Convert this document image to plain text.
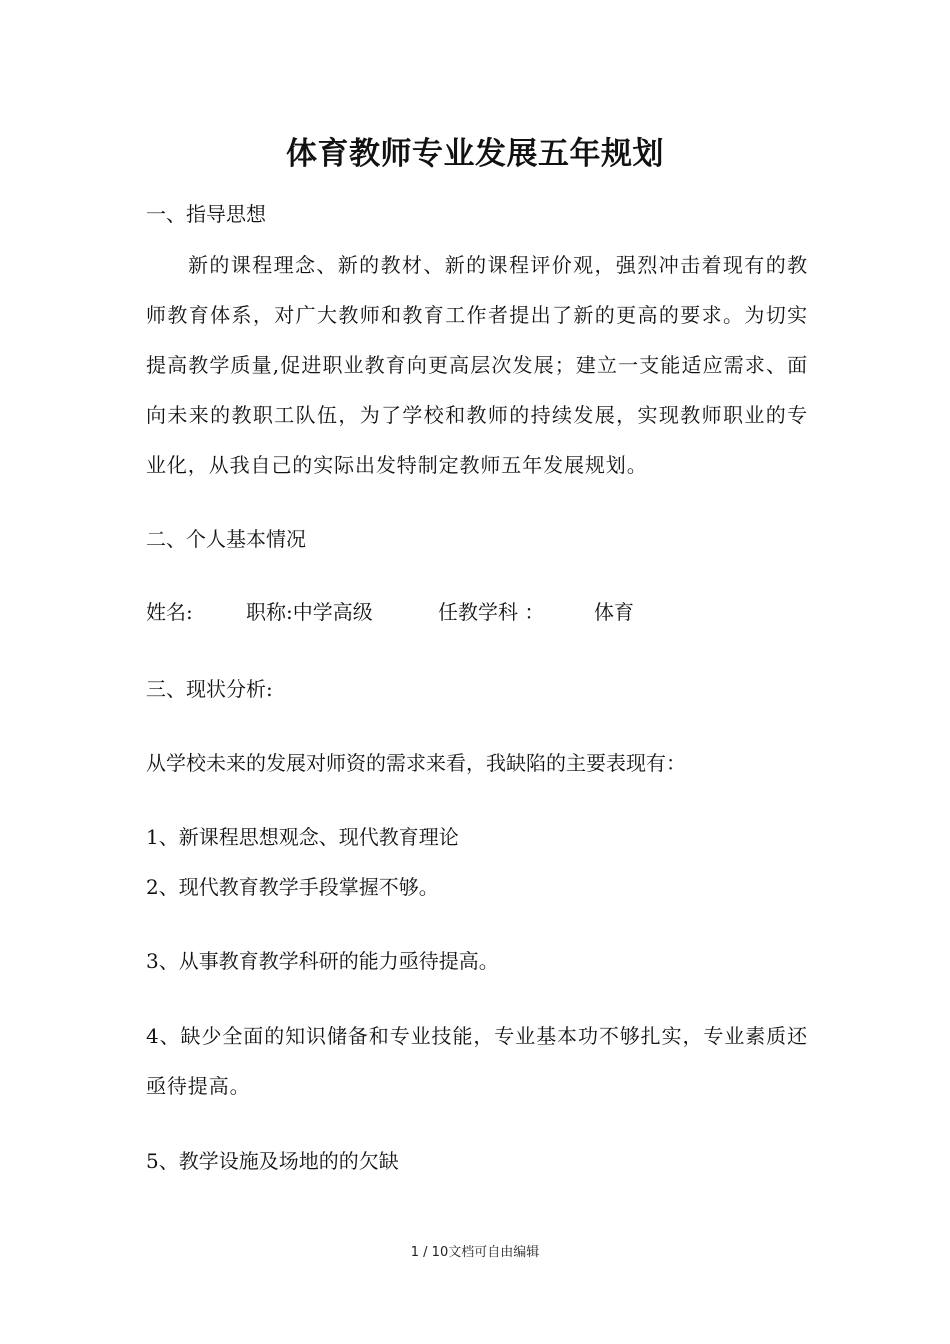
体育教师专业发展五年规划
一、指导思想

新的课程理念、新的教材、新的课程评价观，强烈冲击着现有的教师教育体系，对广大教师和教育工作者提出了新的更高的要求。为切实提高教学质量,促进职业教育向更高层次发展；建立一支能适应需求、面向未来的教职工队伍，为了学校和教师的持续发展，实现教师职业的专业化，从我自己的实际出发特制定教师五年发展规划。

二、个人基本情况
姓名:	职称:中学高级	任教学科 ： 体育
三、现状分析:
从学校未来的发展对师资的需求来看，我缺陷的主要表现有：
1、新课程思想观念、现代教育理论
2、现代教育教学手段掌握不够。
3、从事教育教学科研的能力亟待提高。

4、缺少全面的知识储备和专业技能，专业基本功不够扎实，专业素质还亟待提高。

5、教学设施及场地的的欠缺
1 / 10文档可自由编辑
